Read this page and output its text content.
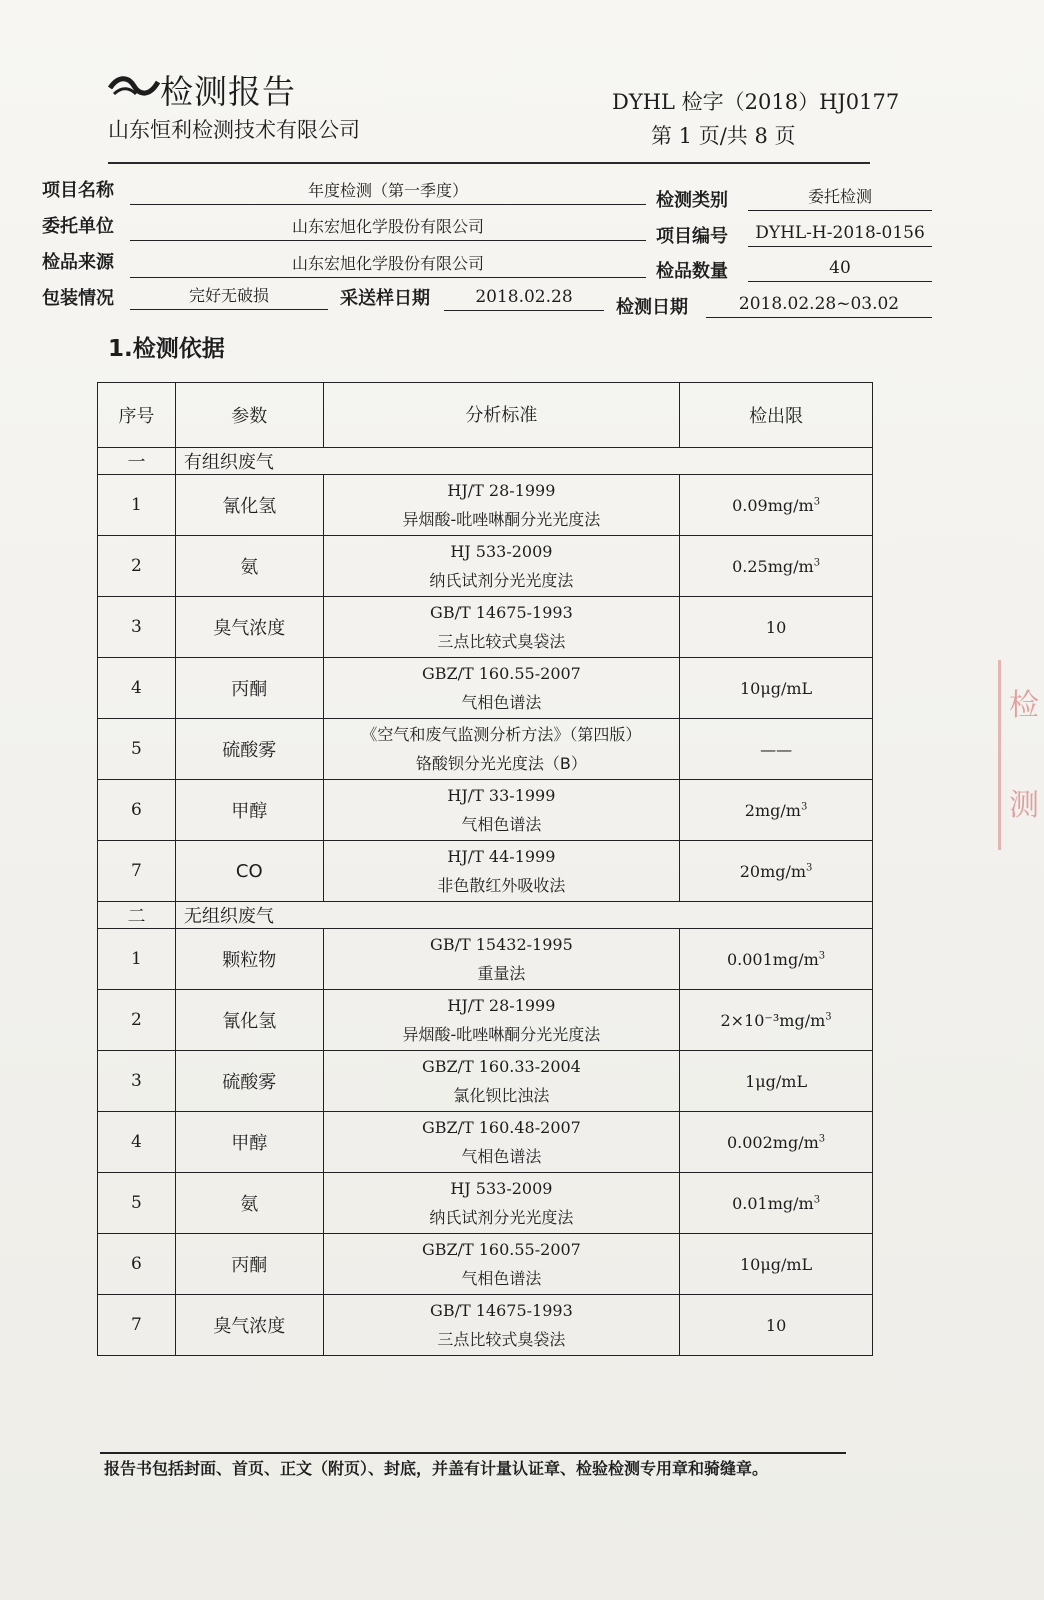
检测报告
山东恒利检测技术有限公司
DYHL 检字（2018）HJ0177
第 1 页/共 8 页
项目名称	年度检测（第一季度）	检测类别	委托检测
委托单位	山东宏旭化学股份有限公司	项目编号	DYHL-H-2018-0156
检品来源	山东宏旭化学股份有限公司	检品数量	40
包装情况	完好无破损	采送样日期	2018.02.28	检测日期	2018.02.28~03.02
1.检测依据
序号	参数	分析标准	检出限
一	有组织废气		
1	氰化氢	HJ/T 28-1999
异烟酸-吡唑啉酮分光光度法	$0.09mg/m^3$
2	氨	HJ 533-2009
纳氏试剂分光光度法	$0.25mg/m^3$
3	臭气浓度	GB/T 14675-1993
三点比较式臭袋法	10
4	丙酮	GBZ/T 160.55-2007
气相色谱法	10μg/mL
5	硫酸雾	《空气和废气监测分析方法》（第四版）
铬酸钡分光光度法（B）	——
6	甲醇	HJ/T 33-1999
气相色谱法	$2mg/m^3$
7	CO	HJ/T 44-1999
非色散红外吸收法	$20mg/m^3$
二	无组织废气		
1	颗粒物	GB/T 15432-1995
重量法	$0.001mg/m^3$
2	氰化氢	HJ/T 28-1999
异烟酸-吡唑啉酮分光光度法	$2\times 10^{-3}mg/m^3$
3	硫酸雾	GBZ/T 160.33-2004
氯化钡比浊法	1μg/mL
4	甲醇	GBZ/T 160.48-2007
气相色谱法	$0.002mg/m^3$
5	氨	HJ 533-2009
纳氏试剂分光光度法	$0.01mg/m^3$
6	丙酮	GBZ/T 160.55-2007
气相色谱法	10μg/mL
7	臭气浓度	GB/T 14675-1993
三点比较式臭袋法	10
报告书包括封面、首页、正文（附页）、封底，并盖有计量认证章、检验检测专用章和骑缝章。
检
测
